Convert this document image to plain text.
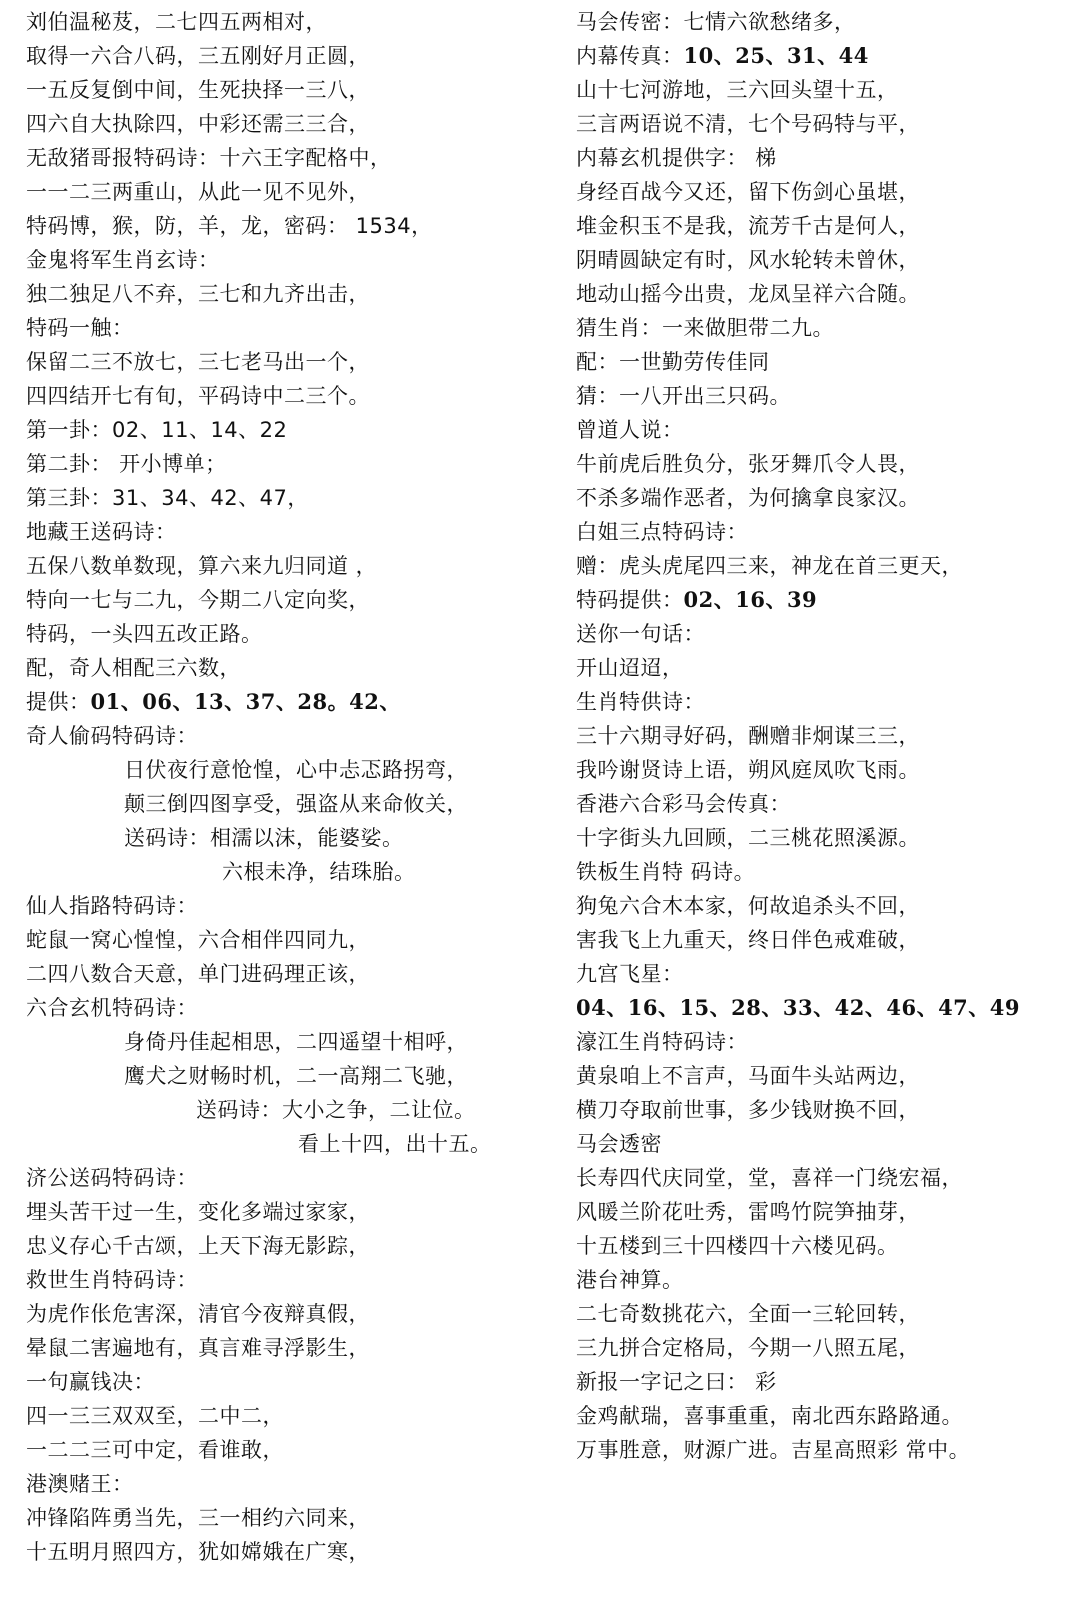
刘伯温秘芨，二七四五两相对，
取得一六合八码，三五刚好月正圆，
一五反复倒中间，生死抉择一三八，
四六自大执除四，中彩还需三三合，
无敌猪哥报特码诗：十六王字配格中，
一一二三两重山，从此一见不见外，
特码博，猴，防，羊，龙，密码： 1534，
金鬼将军生肖玄诗：
独二独足八不弃，三七和九齐出击，
特码一触：
保留二三不放七，三七老马出一个，
四四结开七有旬，平码诗中二三个。
第一卦：02、11、14、22
第二卦： 开小博单；
第三卦：31、34、42、47，
地藏王送码诗：
五保八数单数现，算六来九归同道 ，
特向一七与二九，今期二八定向奖，
特码，一头四五改正路。
配，奇人相配三六数，
提供：01、06、13、37、28。42、
奇人偷码特码诗：
日伏夜行意怆惶，心中忐忑路拐弯，
颠三倒四图享受，强盗从来命攸关，
送码诗：相濡以沫，能婆娑。
六根未净，结珠胎。
仙人指路特码诗：
蛇鼠一窝心惶惶，六合相伴四同九，
二四八数合天意，单门进码理正该，
六合玄机特码诗：
身倚丹佳起相思，二四遥望十相呼，
鹰犬之财畅时机，二一高翔二飞驰，
送码诗：大小之争，二让位。
看上十四，出十五。
济公送码特码诗：
埋头苦干过一生，变化多端过家家，
忠义存心千古颂，上天下海无影踪，
救世生肖特码诗：
为虎作伥危害深，清官今夜辩真假，
晕鼠二害遍地有，真言难寻浮影生，
一句赢钱决：
四一三三双双至，二中二，
一二二三可中定，看谁敢，
港澳赌王：
冲锋陷阵勇当先，三一相约六同来，
十五明月照四方，犹如嫦娥在广寒，
马会传密：七情六欲愁绪多，
内幕传真：10、25、31、44
山十七河游地，三六回头望十五，
三言两语说不清，七个号码特与平，
内幕玄机提供字： 梯
身经百战今又还，留下伤剑心虽堪，
堆金积玉不是我，流芳千古是何人，
阴晴圆缺定有时，风水轮转未曾休，
地动山摇今出贵，龙凤呈祥六合随。
猜生肖：一来做胆带二九。
配：一世勤劳传佳同
猜：一八开出三只码。
曾道人说：
牛前虎后胜负分，张牙舞爪令人畏，
不杀多端作恶者，为何擒拿良家汉。
白姐三点特码诗：
赠：虎头虎尾四三来，神龙在首三更天，
特码提供：02、16、39
送你一句话：
开山迢迢，
生肖特供诗：
三十六期寻好码，酬赠非炯谋三三，
我吟谢贤诗上语，朔风庭凤吹飞雨。
香港六合彩马会传真：
十字街头九回顾，二三桃花照溪源。
铁板生肖特 码诗。
狗兔六合木本家，何故追杀头不回，
害我飞上九重天，终日伴色戒难破，
九宫飞星：
04、16、15、28、33、42、46、47、49
濠江生肖特码诗：
黄泉咱上不言声，马面牛头站两边，
横刀夺取前世事，多少钱财换不回，
马会透密
长寿四代庆同堂，堂，喜祥一门绕宏福，
风暖兰阶花吐秀，雷鸣竹院笋抽芽，
十五楼到三十四楼四十六楼见码。
港台神算。
二七奇数挑花六，全面一三轮回转，
三九拼合定格局，今期一八照五尾，
新报一字记之曰： 彩
金鸡献瑞，喜事重重，南北西东路路通。
万事胜意，财源广进。吉星高照彩 常中。
